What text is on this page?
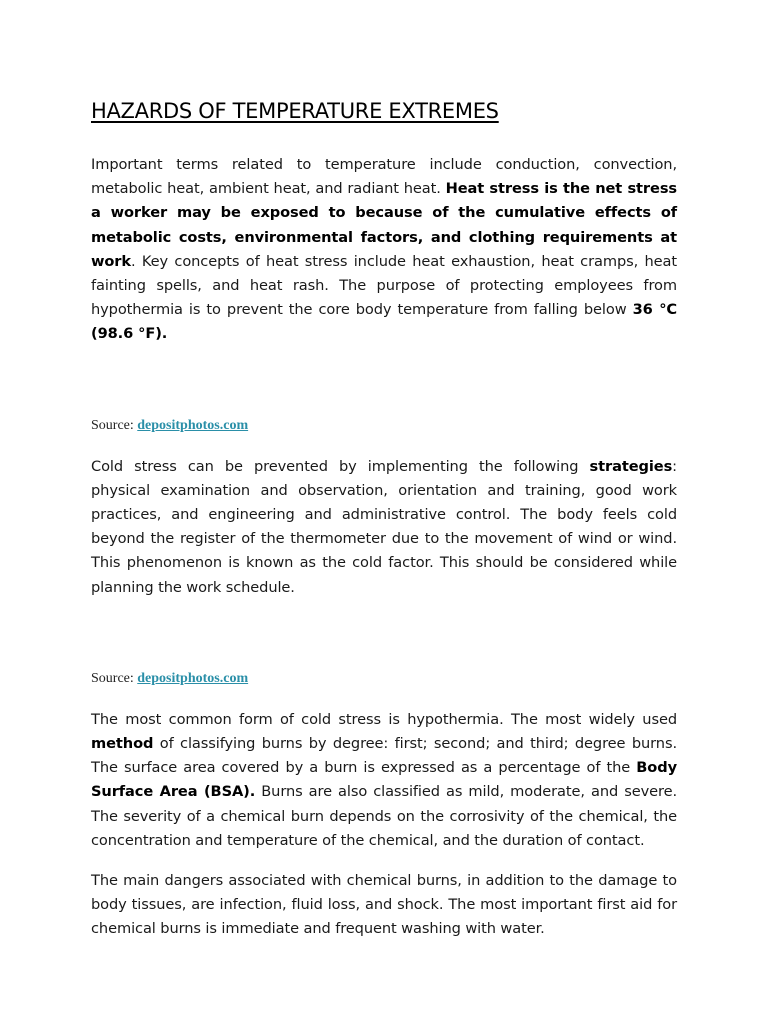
HAZARDS OF TEMPERATURE EXTREMES

Important terms related to temperature include conduction, convection, metabolic heat, ambient heat, and radiant heat. Heat stress is the net stress a worker may be exposed to because of the cumulative effects of metabolic costs, environmental factors, and clothing requirements at work. Key concepts of heat stress include heat exhaustion, heat cramps, heat fainting spells, and heat rash. The purpose of protecting employees from hypothermia is to prevent the core body temperature from falling below 36 °C (98.6 °F).

Source: depositphotos.com

Cold stress can be prevented by implementing the following strategies: physical examination and observation, orientation and training, good work practices, and engineering and administrative control. The body feels cold beyond the register of the thermometer due to the movement of wind or wind. This phenomenon is known as the cold factor. This should be considered while planning the work schedule.

Source: depositphotos.com

The most common form of cold stress is hypothermia. The most widely used method of classifying burns by degree: first; second; and third; degree burns. The surface area covered by a burn is expressed as a percentage of the Body Surface Area (BSA). Burns are also classified as mild, moderate, and severe. The severity of a chemical burn depends on the corrosivity of the chemical, the concentration and temperature of the chemical, and the duration of contact.

The main dangers associated with chemical burns, in addition to the damage to body tissues, are infection, fluid loss, and shock. The most important first aid for chemical burns is immediate and frequent washing with water.
